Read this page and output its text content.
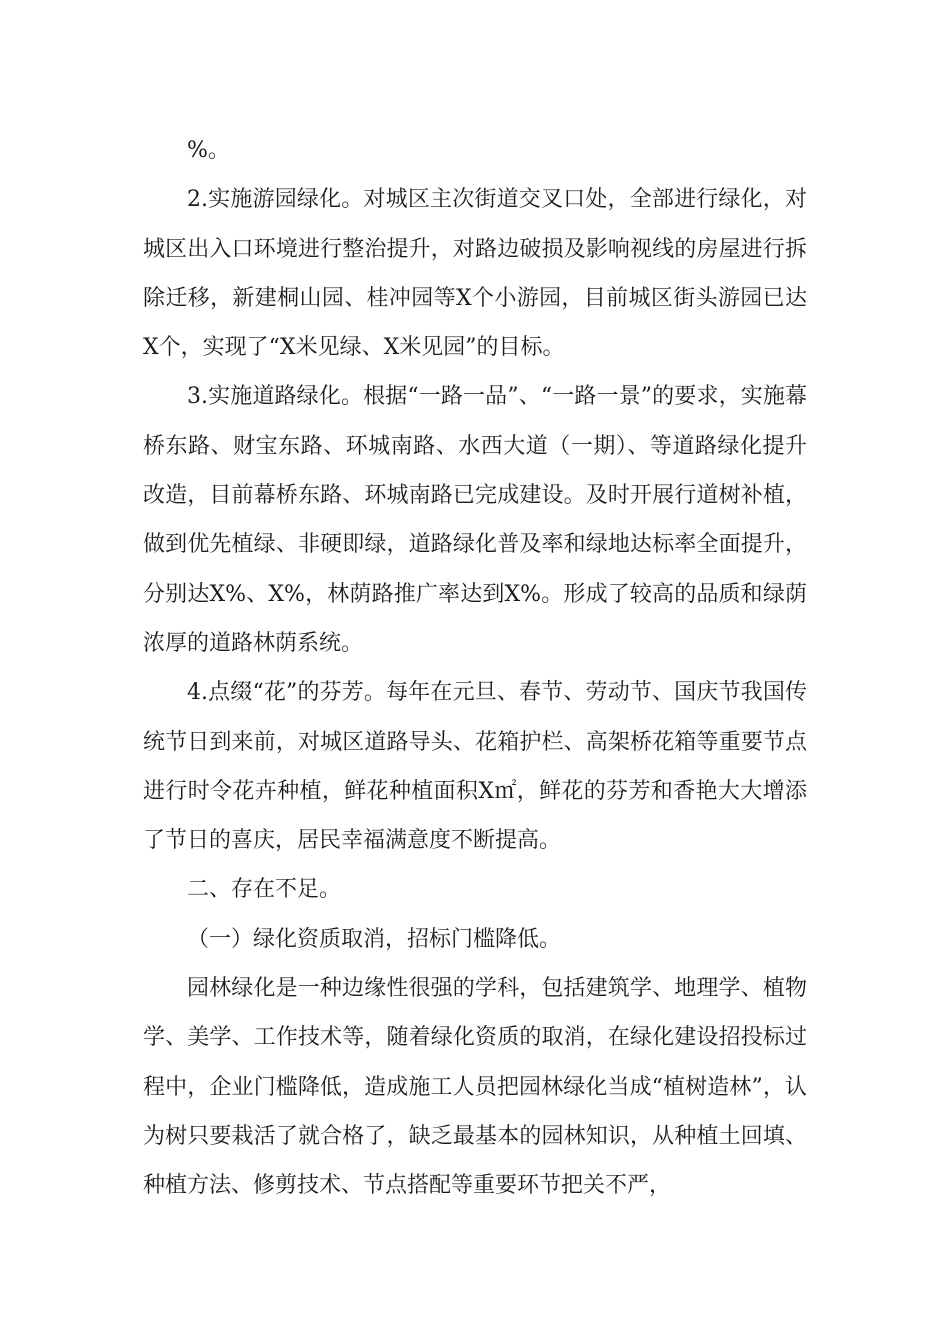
%。

2.实施游园绿化。对城区主次街道交叉口处，全部进行绿化，对城区出入口环境进行整治提升，对路边破损及影响视线的房屋进行拆除迁移，新建桐山园、桂冲园等X个小游园，目前城区街头游园已达X个，实现了“X米见绿、X米见园”的目标。

3.实施道路绿化。根据“一路一品”、“一路一景”的要求，实施幕桥东路、财宝东路、环城南路、水西大道（一期）、等道路绿化提升改造，目前幕桥东路、环城南路已完成建设。及时开展行道树补植，做到优先植绿、非硬即绿，道路绿化普及率和绿地达标率全面提升，分别达X%、X%，林荫路推广率达到X%。形成了较高的品质和绿荫浓厚的道路林荫系统。

4.点缀“花”的芬芳。每年在元旦、春节、劳动节、国庆节我国传统节日到来前，对城区道路导头、花箱护栏、高架桥花箱等重要节点进行时令花卉种植，鲜花种植面积X㎡，鲜花的芬芳和香艳大大增添了节日的喜庆，居民幸福满意度不断提高。

二、存在不足。

（一）绿化资质取消，招标门槛降低。

园林绿化是一种边缘性很强的学科，包括建筑学、地理学、植物学、美学、工作技术等，随着绿化资质的取消，在绿化建设招投标过程中，企业门槛降低，造成施工人员把园林绿化当成“植树造林”，认为树只要栽活了就合格了，缺乏最基本的园林知识，从种植土回填、种植方法、修剪技术、节点搭配等重要环节把关不严，
